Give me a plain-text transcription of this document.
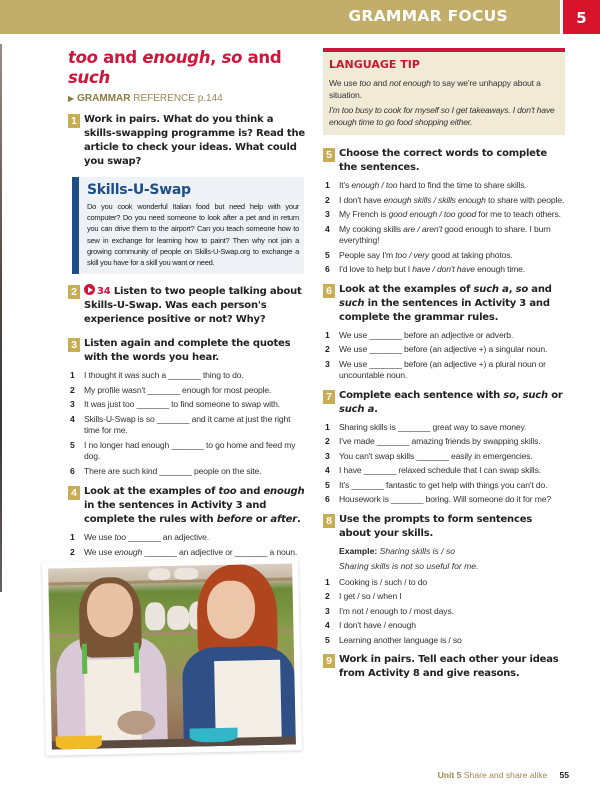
GRAMMAR FOCUS	5
too and enough, so and such
▶ GRAMMAR REFERENCE p.144
1 Work in pairs. What do you think a skills-swapping programme is? Read the article to check your ideas. What could you swap?
Skills-U-Swap
Do you cook wonderful Italian food but need help with your computer? Do you need someone to look after a pet and in return you can drive them to the airport? Can you teach someone how to sew in exchange for learning how to paint? Then why not join a growing community of people on Skills-U-Swap.org to exchange a skill you have for a skill you want or need.
2	34 Listen to two people talking about Skills-U-Swap. Was each person's experience positive or not? Why?
3 Listen again and complete the quotes with the words you hear.
1 I thought it was such a _______ thing to do.
2 My profile wasn't _______ enough for most people.
3 It was just too _______ to find someone to swap with.
4 Skills-U-Swap is so _______ and it came at just the right time for me.
5 I no longer had enough _______ to go home and feed my dog.
6 There are such kind _______ people on the site.
4 Look at the examples of too and enough in the sentences in Activity 3 and complete the rules with before or after.
1 We use too _______ an adjective.
2 We use enough _______ an adjective or _______ a noun.
LANGUAGE TIP
We use too and not enough to say we're unhappy about a situation.
I'm too busy to cook for myself so I get takeaways. I don't have enough time to go food shopping either.
5 Choose the correct words to complete the sentences.
1 It's enough / too hard to find the time to share skills.
2 I don't have enough skills / skills enough to share with people.
3 My French is good enough / too good for me to teach others.
4 My cooking skills are / aren't good enough to share. I burn everything!
5 People say I'm too / very good at taking photos.
6 I'd love to help but I have / don't have enough time.
6 Look at the examples of such a, so and such in the sentences in Activity 3 and complete the grammar rules.
1 We use _______ before an adjective or adverb.
2 We use _______ before (an adjective +) a singular noun.
3 We use _______ before (an adjective +) a plural noun or uncountable noun.
7 Complete each sentence with so, such or such a.
1 Sharing skills is _______ great way to save money.
2 I've made _______ amazing friends by swapping skills.
3 You can't swap skills _______ easily in emergencies.
4 I have _______ relaxed schedule that I can swap skills.
5 It's _______ fantastic to get help with things you can't do.
6 Housework is _______ boring. Will someone do it for me?
8 Use the prompts to form sentences about your skills.
Example: Sharing skills is / so
Sharing skills is not so useful for me.
1 Cooking is / such / to do
2 I get / so / when I
3 I'm not / enough to / most days.
4 I don't have / enough
5 Learning another language is / so
9 Work in pairs. Tell each other your ideas from Activity 8 and give reasons.
Unit 5 Share and share alike 55
